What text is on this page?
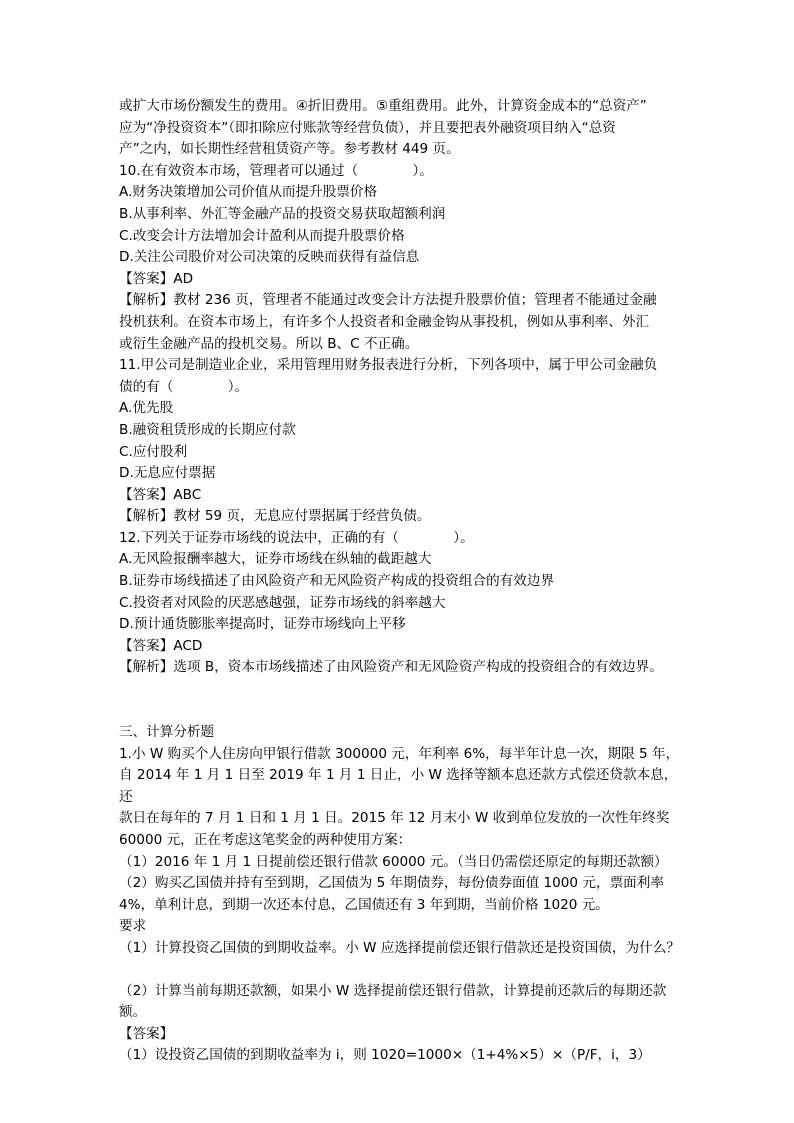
或扩大市场份额发生的费用。④折旧费用。⑤重组费用。此外，计算资金成本的“总资产”

应为“净投资资本”（即扣除应付账款等经营负债），并且要把表外融资项目纳入“总资

产”之内，如长期性经营租赁资产等。参考教材 449 页。

10.在有效资本市场，管理者可以通过（　　　　）。

A.财务决策增加公司价值从而提升股票价格

B.从事利率、外汇等金融产品的投资交易获取超额利润

C.改变会计方法增加会计盈利从而提升股票价格

D.关注公司股价对公司决策的反映而获得有益信息

【答案】AD

【解析】教材 236 页，管理者不能通过改变会计方法提升股票价值；管理者不能通过金融

投机获利。在资本市场上，有许多个人投资者和金融金钩从事投机，例如从事利率、外汇

或衍生金融产品的投机交易。所以 B、C 不正确。

11.甲公司是制造业企业，采用管理用财务报表进行分析，下列各项中，属于甲公司金融负

债的有（　　　　）。

A.优先股

B.融资租赁形成的长期应付款

C.应付股利

D.无息应付票据

【答案】ABC

【解析】教材 59 页，无息应付票据属于经营负债。

12.下列关于证券市场线的说法中，正确的有（　　　　）。

A.无风险报酬率越大，证券市场线在纵轴的截距越大

B.证券市场线描述了由风险资产和无风险资产构成的投资组合的有效边界

C.投资者对风险的厌恶感越强，证券市场线的斜率越大

D.预计通货膨胀率提高时，证券市场线向上平移

【答案】ACD

【解析】选项 B，资本市场线描述了由风险资产和无风险资产构成的投资组合的有效边界。

三、计算分析题

1.小 W 购买个人住房向甲银行借款 300000 元，年利率 6%，每半年计息一次，期限 5 年，

自 2014 年 1 月 1 日至 2019 年 1 月 1 日止，小 W 选择等额本息还款方式偿还贷款本息，还

款日在每年的 7 月 1 日和 1 月 1 日。2015 年 12 月末小 W 收到单位发放的一次性年终奖

60000 元，正在考虑这笔奖金的两种使用方案：

（1）2016 年 1 月 1 日提前偿还银行借款 60000 元。（当日仍需偿还原定的每期还款额）

（2）购买乙国债并持有至到期，乙国债为 5 年期债券，每份债券面值 1000 元，票面利率

4%，单利计息，到期一次还本付息，乙国债还有 3 年到期，当前价格 1020 元。

要求

（1）计算投资乙国债的到期收益率。小 W 应选择提前偿还银行借款还是投资国债，为什么？

（2）计算当前每期还款额，如果小 W 选择提前偿还银行借款，计算提前还款后的每期还款

额。

【答案】

（1）设投资乙国债的到期收益率为 i，则 1020=1000×（1+4%×5）×（P/F，i，3）
